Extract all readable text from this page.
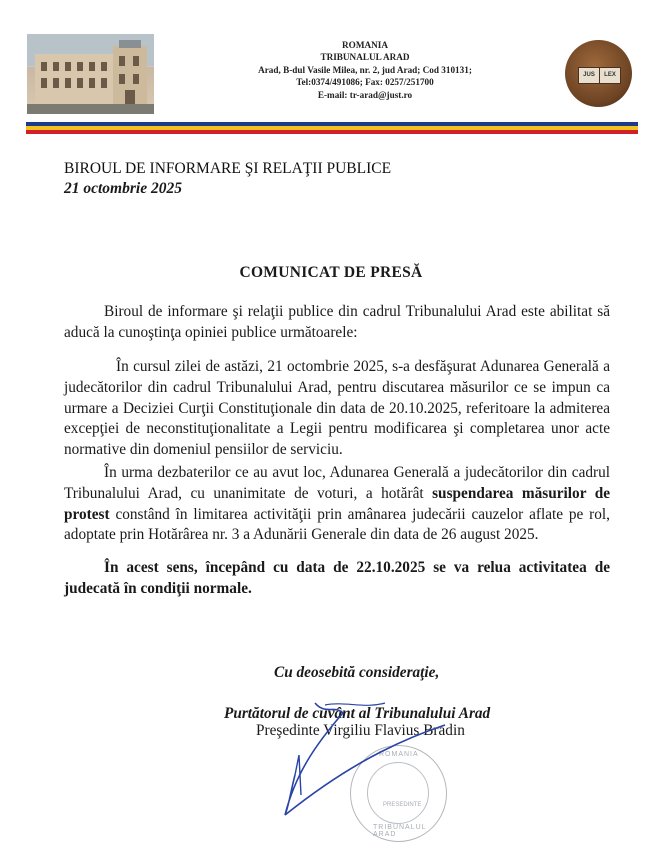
ROMANIA
TRIBUNALUL ARAD
Arad, B-dul Vasile Milea, nr. 2, jud Arad; Cod 310131;
Tel:0374/491086; Fax: 0257/251700
E-mail: tr-arad@just.ro
JUS	LEX
BIROUL DE INFORMARE ŞI RELAŢII PUBLICE
21 octombrie 2025
COMUNICAT DE PRESĂ
Biroul de informare şi relaţii publice din cadrul Tribunalului Arad este abilitat să aducă la cunoştinţa opiniei publice următoarele:
În cursul zilei de astăzi, 21 octombrie 2025, s-a desfăşurat Adunarea Generală a judecătorilor din cadrul Tribunalului Arad, pentru discutarea măsurilor ce se impun ca urmare a Deciziei Curţii Constituţionale din data de 20.10.2025, referitoare la admiterea excepţiei de neconstituţionalitate a Legii pentru modificarea şi completarea unor acte normative din domeniul pensiilor de serviciu.
În urma dezbaterilor ce au avut loc, Adunarea Generală a judecătorilor din cadrul Tribunalului Arad, cu unanimitate de voturi, a hotărât suspendarea măsurilor de protest constând în limitarea activităţii prin amânarea judecării cauzelor aflate pe rol, adoptate prin Hotărârea nr. 3 a Adunării Generale din data de 26 august 2025.
În acest sens, începând cu data de 22.10.2025 se va relua activitatea de judecată în condiţii normale.
Cu deosebită consideraţie,
ROMANIA
PRESEDINTE
TRIBUNALUL ARAD
Purtătorul de cuvânt al Tribunalului Arad
Preşedinte Virgiliu Flavius Bradin
